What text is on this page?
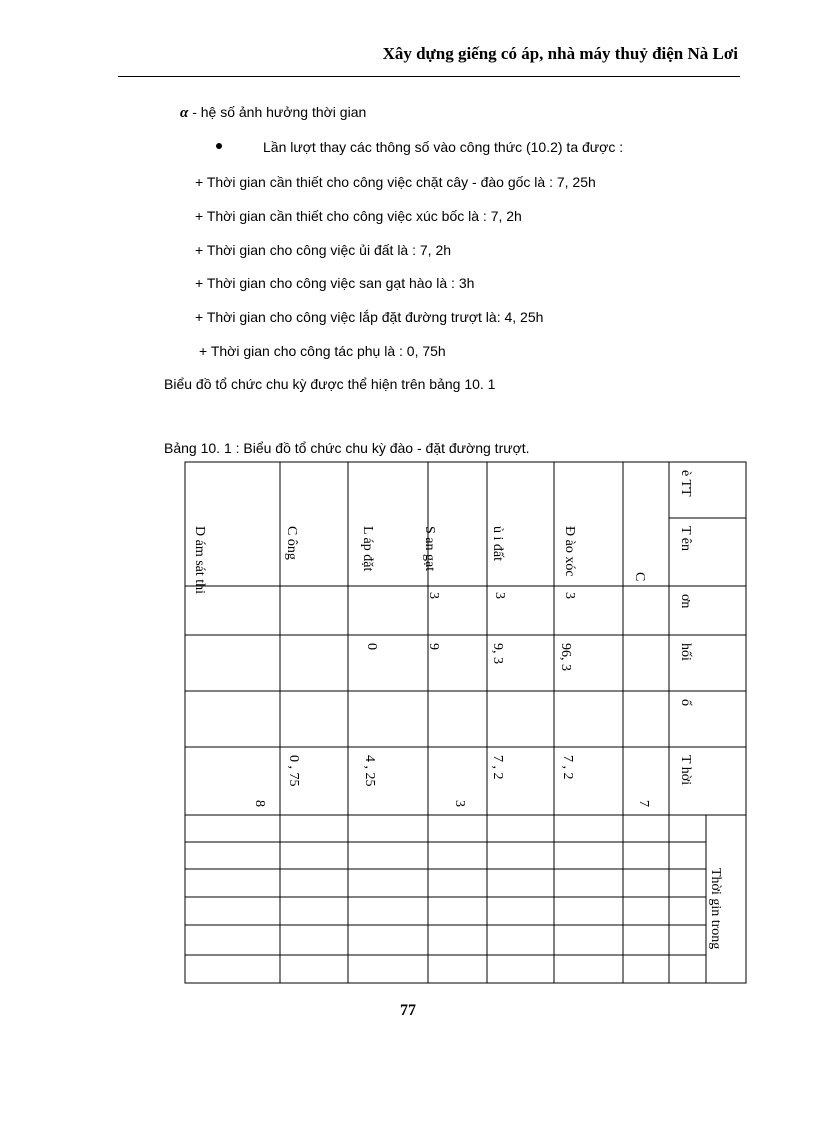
Xây dựng giếng có áp, nhà máy thuỷ điện Nà Lơi
α - hệ số ảnh hưởng thời gian
Lần lượt thay các thông số vào công thức (10.2) ta được :
+ Thời gian cần thiết cho công việc chặt cây - đào gốc là : 7, 25h
+ Thời gian cần thiết cho công việc xúc bốc là : 7, 2h
+ Thời gian cho công việc ủi đất là : 7, 2h
+ Thời gian cho công việc san gạt hào là : 3h
+ Thời gian cho công việc lắp đặt đường trượt là: 4, 25h
+ Thời gian cho công tác phụ là : 0, 75h
Biểu đồ tổ chức chu kỳ được thể hiện trên bảng 10. 1
Bảng 10. 1 : Biểu đồ tổ chức chu kỳ đào - đặt đường trượt.
è TT
T ên
C
Đ ào xóc
ủ i đất
S an gạt
L áp đặt
C ông
D ám sát thi
ơn
3
3
3
hối
96, 3
9, 3
9
0
ố
T hời
7
7 , 2
7 , 2
3
4 , 25
0 , 75
8
Thời gin trong
77
